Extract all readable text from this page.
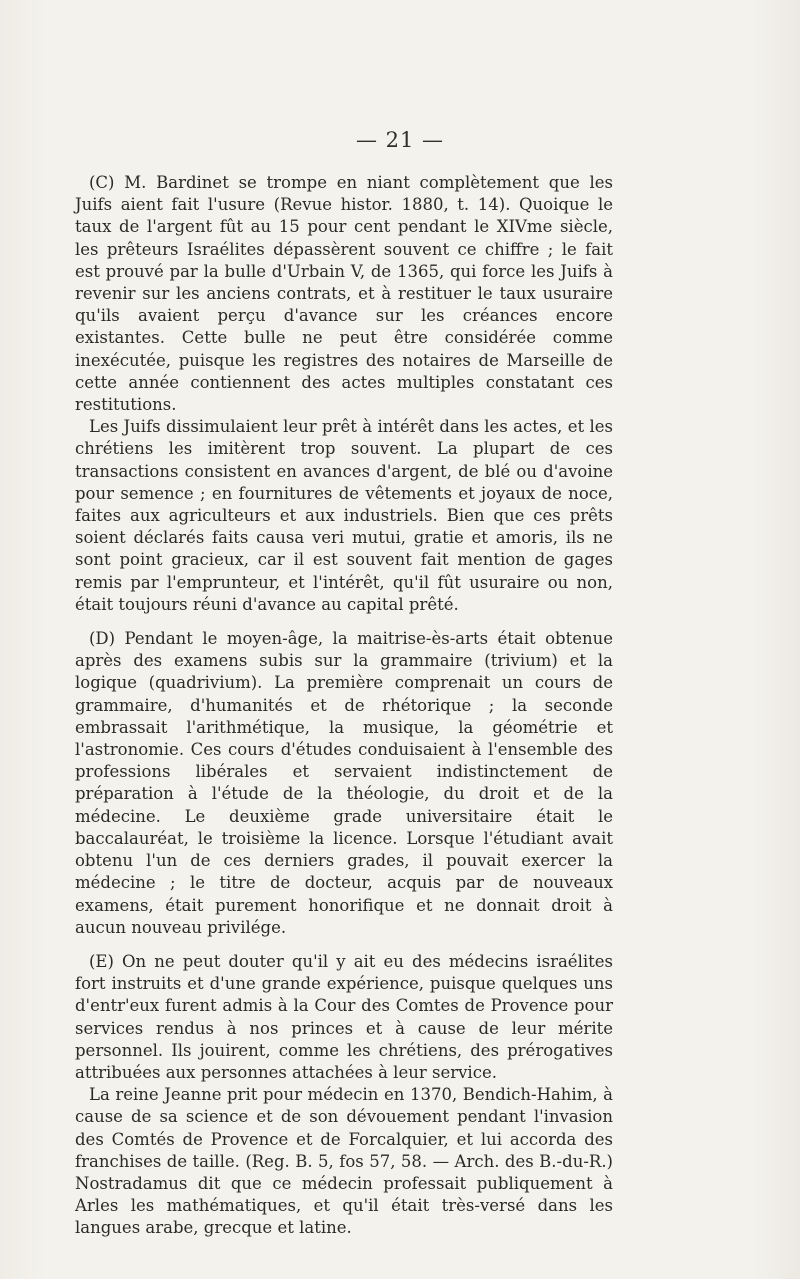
— 21 —

(C) M. Bardinet se trompe en niant complètement que les Juifs aient fait l'usure (Revue histor. 1880, t. 14). Quoique le taux de l'argent fût au 15 pour cent pendant le XIVme siècle, les prêteurs Israélites dépassèrent souvent ce chiffre ; le fait est prouvé par la bulle d'Urbain V, de 1365, qui force les Juifs à revenir sur les anciens contrats, et à restituer le taux usuraire qu'ils avaient perçu d'avance sur les créances encore existantes. Cette bulle ne peut être considérée comme inexécutée, puisque les registres des notaires de Marseille de cette année contiennent des actes multiples constatant ces restitutions.

Les Juifs dissimulaient leur prêt à intérêt dans les actes, et les chrétiens les imitèrent trop souvent. La plupart de ces transactions consistent en avances d'argent, de blé ou d'avoine pour semence ; en fournitures de vêtements et joyaux de noce, faites aux agriculteurs et aux industriels. Bien que ces prêts soient déclarés faits causa veri mutui, gratie et amoris, ils ne sont point gracieux, car il est souvent fait mention de gages remis par l'emprunteur, et l'intérêt, qu'il fût usuraire ou non, était toujours réuni d'avance au capital prêté.

(D) Pendant le moyen-âge, la maitrise-ès-arts était obtenue après des examens subis sur la grammaire (trivium) et la logique (quadrivium). La première comprenait un cours de grammaire, d'humanités et de rhétorique ; la seconde embrassait l'arithmétique, la musique, la géométrie et l'astronomie. Ces cours d'études conduisaient à l'ensemble des professions libérales et servaient indistinctement de préparation à l'étude de la théologie, du droit et de la médecine. Le deuxième grade universitaire était le baccalauréat, le troisième la licence. Lorsque l'étudiant avait obtenu l'un de ces derniers grades, il pouvait exercer la médecine ; le titre de docteur, acquis par de nouveaux examens, était purement honorifique et ne donnait droit à aucun nouveau privilége.

(E) On ne peut douter qu'il y ait eu des médecins israélites fort instruits et d'une grande expérience, puisque quelques uns d'entr'eux furent admis à la Cour des Comtes de Provence pour services rendus à nos princes et à cause de leur mérite personnel. Ils jouirent, comme les chrétiens, des prérogatives attribuées aux personnes attachées à leur service.

La reine Jeanne prit pour médecin en 1370, Bendich-Hahim, à cause de sa science et de son dévouement pendant l'invasion des Comtés de Provence et de Forcalquier, et lui accorda des franchises de taille. (Reg. B. 5, fos 57, 58. — Arch. des B.-du-R.) Nostradamus dit que ce médecin professait publiquement à Arles les mathématiques, et qu'il était très-versé dans les langues arabe, grecque et latine.
